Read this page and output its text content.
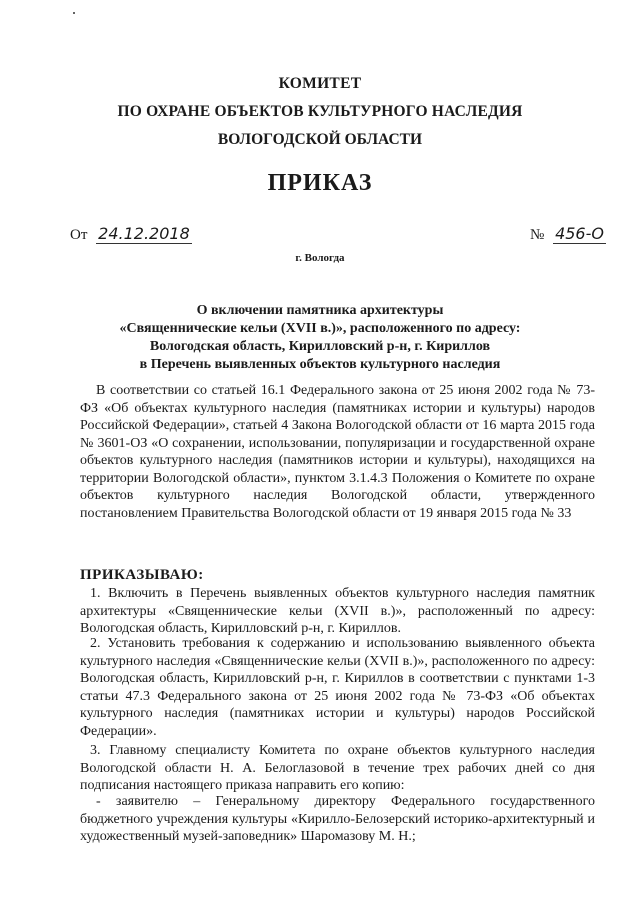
КОМИТЕТ
ПО ОХРАНЕ ОБЪЕКТОВ КУЛЬТУРНОГО НАСЛЕДИЯ
ВОЛОГОДСКОЙ ОБЛАСТИ
ПРИКАЗ
От 24.12.2018	№ 456-О
г. Вологда
О включении памятника архитектуры
«Священнические кельи (XVII в.)», расположенного по адресу:
Вологодская область, Кирилловский р-н, г. Кириллов
в Перечень выявленных объектов культурного наследия
В соответствии со статьей 16.1 Федерального закона от 25 июня 2002 года № 73-ФЗ «Об объектах культурного наследия (памятниках истории и культуры) народов Российской Федерации», статьей 4 Закона Вологодской области от 16 марта 2015 года № 3601-ОЗ «О сохранении, использовании, популяризации и государственной охране объектов культурного наследия (памятников истории и культуры), находящихся на территории Вологодской области», пунктом 3.1.4.3 Положения о Комитете по охране объектов культурного наследия Вологодской области, утвержденного постановлением Правительства Вологодской области от 19 января 2015 года № 33
ПРИКАЗЫВАЮ:
1. Включить в Перечень выявленных объектов культурного наследия памятник архитектуры «Священнические кельи (XVII в.)», расположенный по адресу: Вологодская область, Кирилловский р-н, г. Кириллов.
2. Установить требования к содержанию и использованию выявленного объекта культурного наследия «Священнические кельи (XVII в.)», расположенного по адресу: Вологодская область, Кирилловский р-н, г. Кириллов в соответствии с пунктами 1-3 статьи 47.3 Федерального закона от 25 июня 2002 года № 73-ФЗ «Об объектах культурного наследия (памятниках истории и культуры) народов Российской Федерации».
3. Главному специалисту Комитета по охране объектов культурного наследия Вологодской области Н. А. Белоглазовой в течение трех рабочих дней со дня подписания настоящего приказа направить его копию:
- заявителю – Генеральному директору Федерального государственного бюджетного учреждения культуры «Кирилло-Белозерский историко-архитектурный и художественный музей-заповедник» Шаромазову М. Н.;
